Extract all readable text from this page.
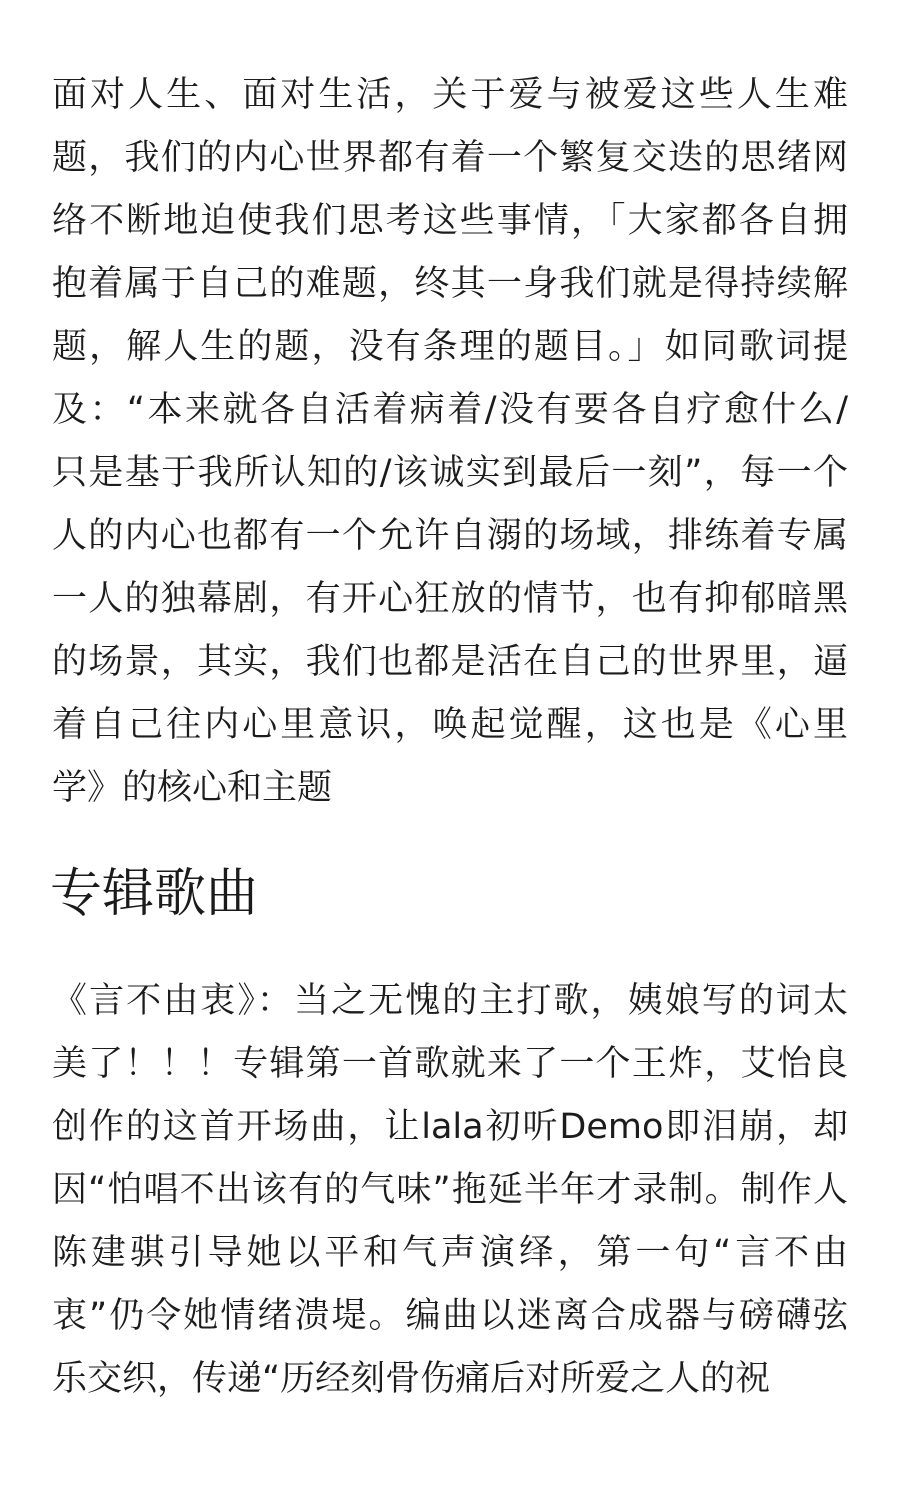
面对人生、面对生活，关于爱与被爱这些人生难
题，我们的内心世界都有着一个繁复交迭的思绪网
络不断地迫使我们思考这些事情，「大家都各自拥
抱着属于自己的难题，终其一身我们就是得持续解
题，解人生的题，没有条理的题目。」如同歌词提
及：“本来就各自活着病着/没有要各自疗愈什么/
只是基于我所认知的/该诚实到最后一刻”，每一个
人的内心也都有一个允许自溺的场域，排练着专属
一人的独幕剧，有开心狂放的情节，也有抑郁暗黑
的场景，其实，我们也都是活在自己的世界里，逼
着自己往内心里意识，唤起觉醒，这也是《心里
学》的核心和主题
专辑歌曲
《言不由衷》：当之无愧的主打歌，姨娘写的词太
美了！！！专辑第一首歌就来了一个王炸，艾怡良
创作的这首开场曲，让lala初听Demo即泪崩，却
因“怕唱不出该有的气味”拖延半年才录制。制作人
陈建骐引导她以平和气声演绎，第一句“言不由
衷”仍令她情绪溃堤。编曲以迷离合成器与磅礴弦
乐交织，传递“历经刻骨伤痛后对所爱之人的祝
